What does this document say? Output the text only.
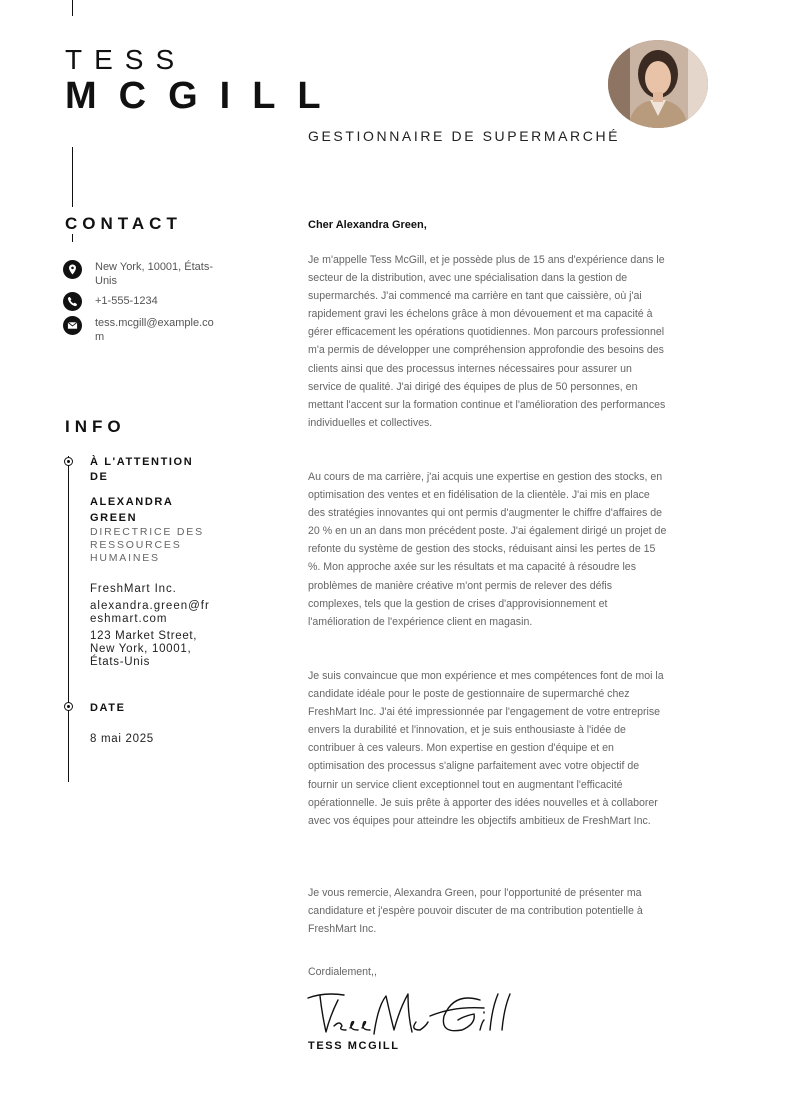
TESS
MCGILL
GESTIONNAIRE DE SUPERMARCHÉ
CONTACT
New York, 10001, États-Unis
+1-555-1234
tess.mcgill@example.com
INFO
À L'ATTENTION DE
ALEXANDRA GREEN
DIRECTRICE DES RESSOURCES HUMAINES
FreshMart Inc.
alexandra.green@freshmart.com
123 Market Street, New York, 10001, États-Unis
DATE
8 mai 2025
Cher Alexandra Green,
Je m'appelle Tess McGill, et je possède plus de 15 ans d'expérience dans le secteur de la distribution, avec une spécialisation dans la gestion de supermarchés. J'ai commencé ma carrière en tant que caissière, où j'ai rapidement gravi les échelons grâce à mon dévouement et ma capacité à gérer efficacement les opérations quotidiennes. Mon parcours professionnel m'a permis de développer une compréhension approfondie des besoins des clients ainsi que des processus internes nécessaires pour assurer un service de qualité. J'ai dirigé des équipes de plus de 50 personnes, en mettant l'accent sur la formation continue et l'amélioration des performances individuelles et collectives.
Au cours de ma carrière, j'ai acquis une expertise en gestion des stocks, en optimisation des ventes et en fidélisation de la clientèle. J'ai mis en place des stratégies innovantes qui ont permis d'augmenter le chiffre d'affaires de 20 % en un an dans mon précédent poste. J'ai également dirigé un projet de refonte du système de gestion des stocks, réduisant ainsi les pertes de 15 %. Mon approche axée sur les résultats et ma capacité à résoudre les problèmes de manière créative m'ont permis de relever des défis complexes, tels que la gestion de crises d'approvisionnement et l'amélioration de l'expérience client en magasin.
Je suis convaincue que mon expérience et mes compétences font de moi la candidate idéale pour le poste de gestionnaire de supermarché chez FreshMart Inc. J'ai été impressionnée par l'engagement de votre entreprise envers la durabilité et l'innovation, et je suis enthousiaste à l'idée de contribuer à ces valeurs. Mon expertise en gestion d'équipe et en optimisation des processus s'aligne parfaitement avec votre objectif de fournir un service client exceptionnel tout en augmentant l'efficacité opérationnelle. Je suis prête à apporter des idées nouvelles et à collaborer avec vos équipes pour atteindre les objectifs ambitieux de FreshMart Inc.
Je vous remercie, Alexandra Green, pour l'opportunité de présenter ma candidature et j'espère pouvoir discuter de ma contribution potentielle à FreshMart Inc.
Cordialement,,
TESS MCGILL
